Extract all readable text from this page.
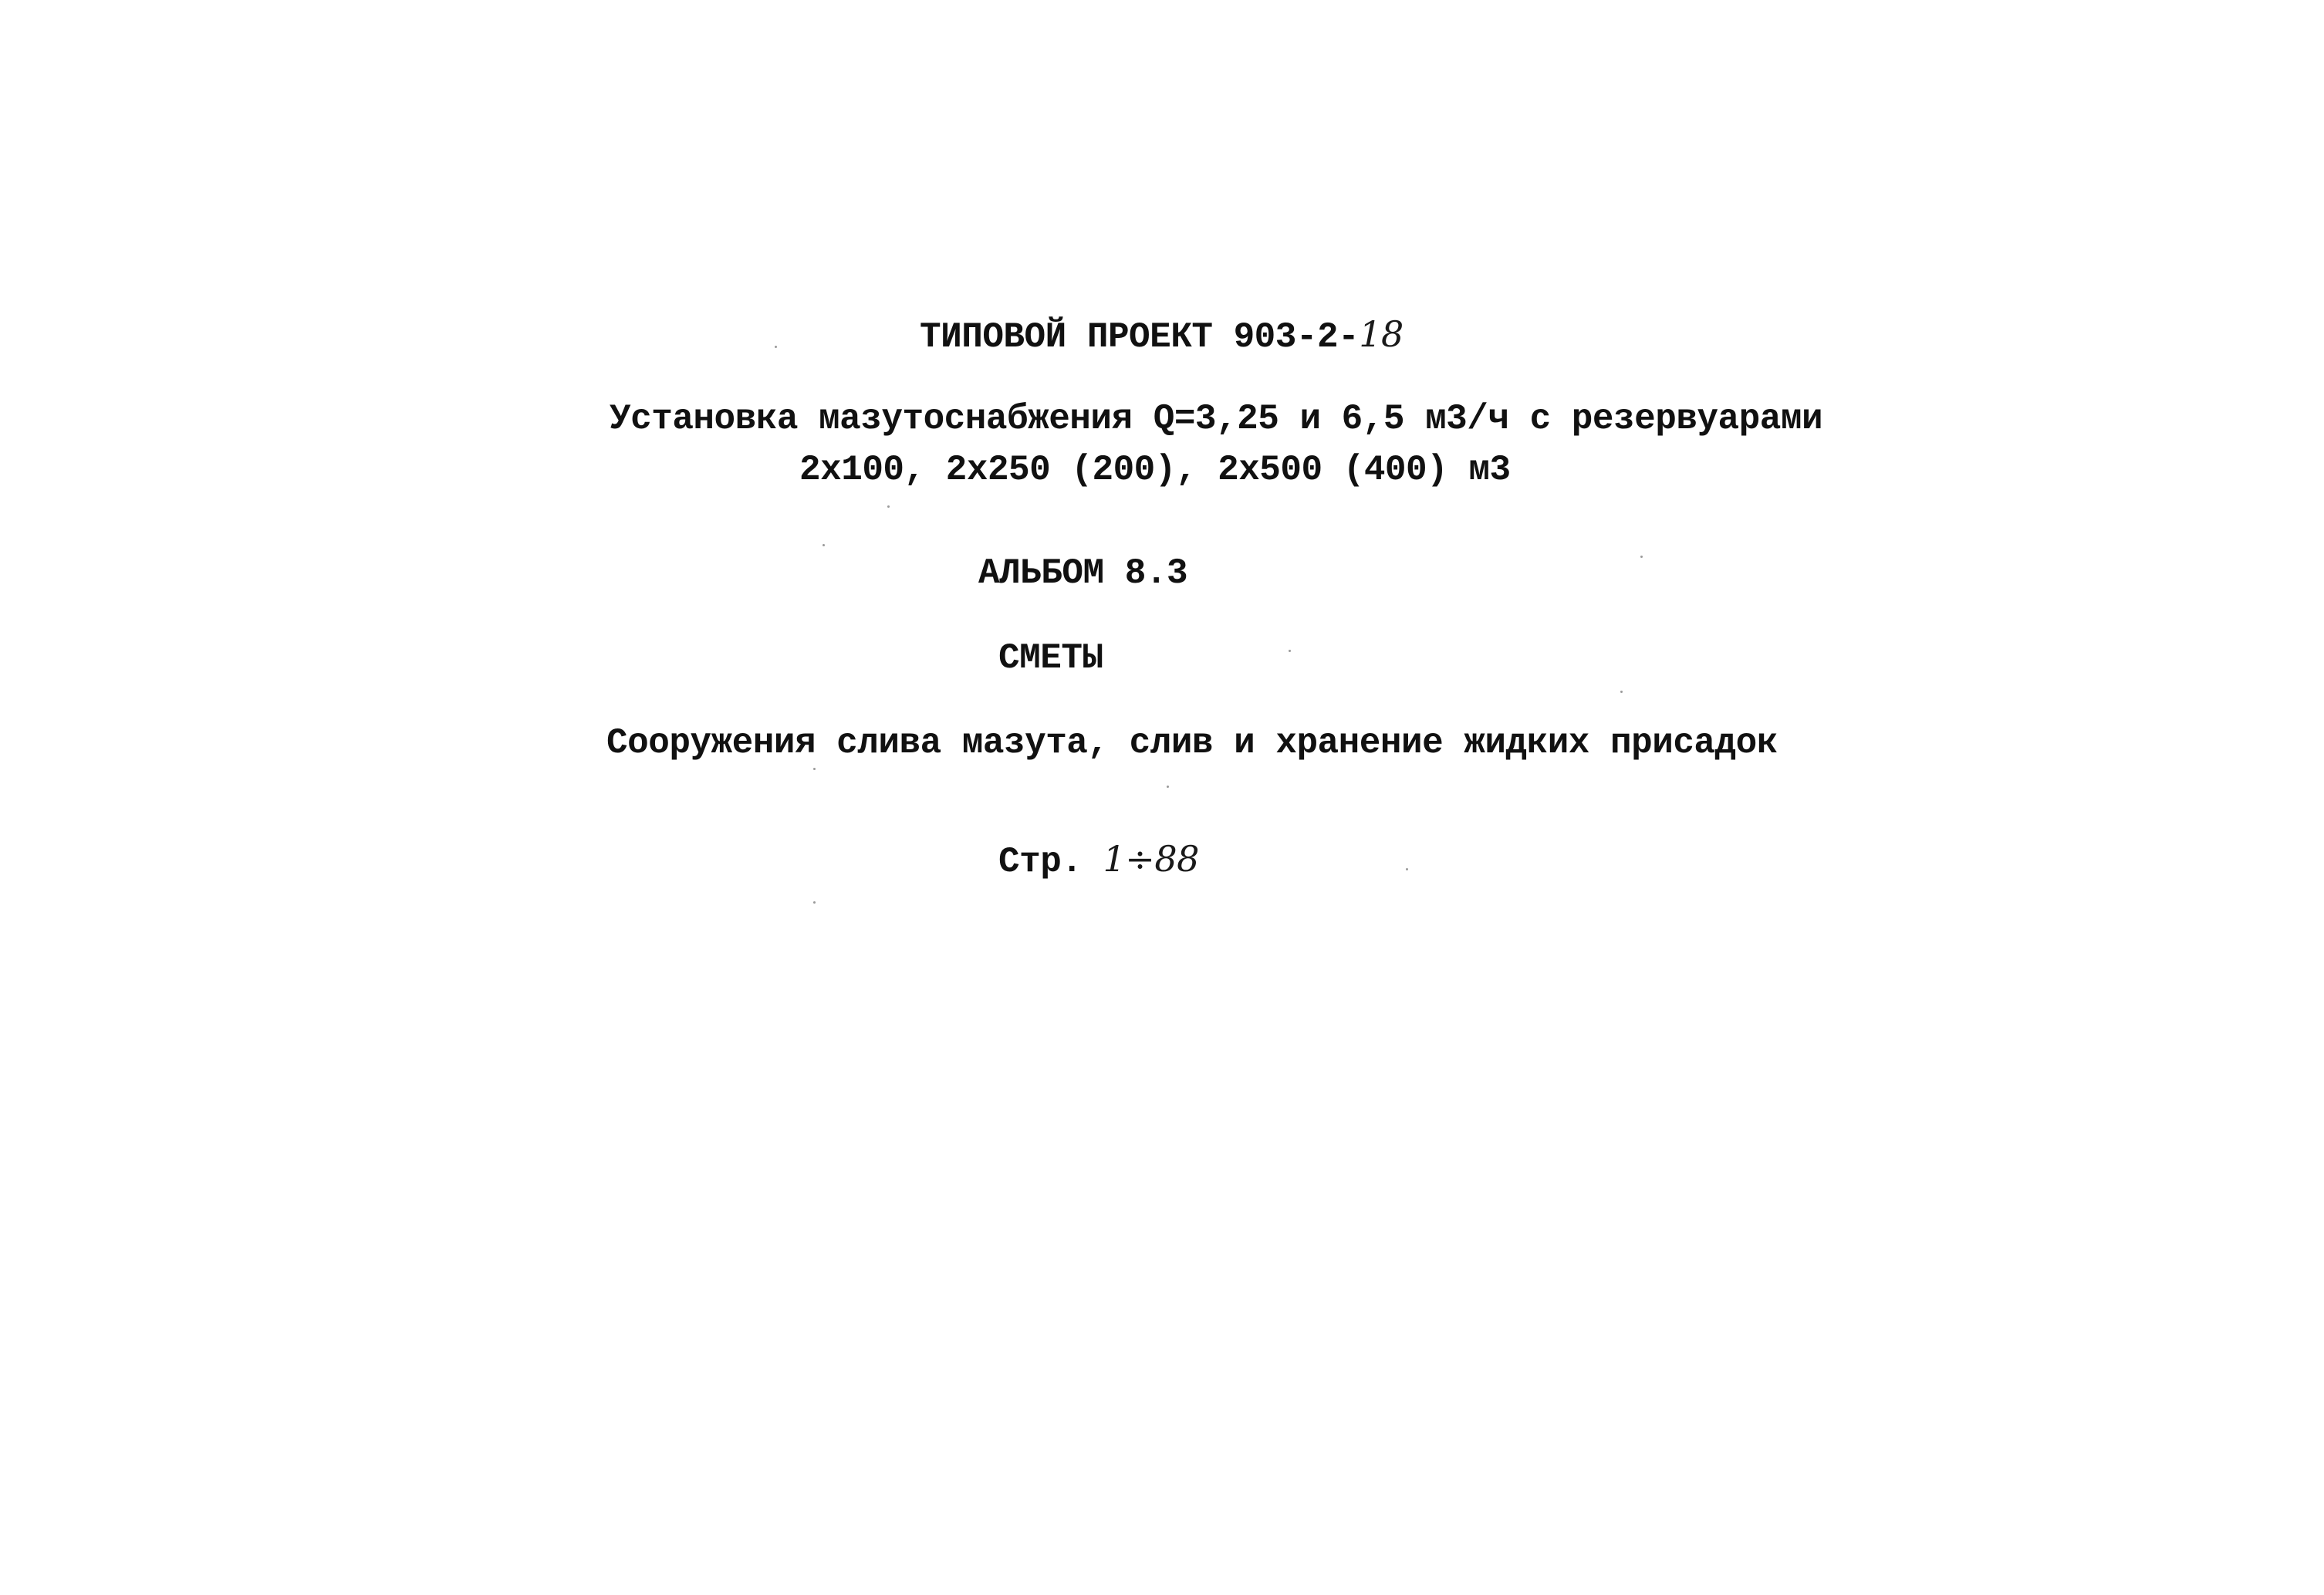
ТИПОВОЙ ПРОЕКТ 903-2-18
Установка мазутоснабжения Q=3,25 и 6,5 м3/ч с резервуарами
2х100, 2х250 (200), 2х500 (400) м3
АЛЬБОМ 8.3
СМЕТЫ
Сооружения слива мазута, слив и хранение жидких присадок
Стр. 1÷88
